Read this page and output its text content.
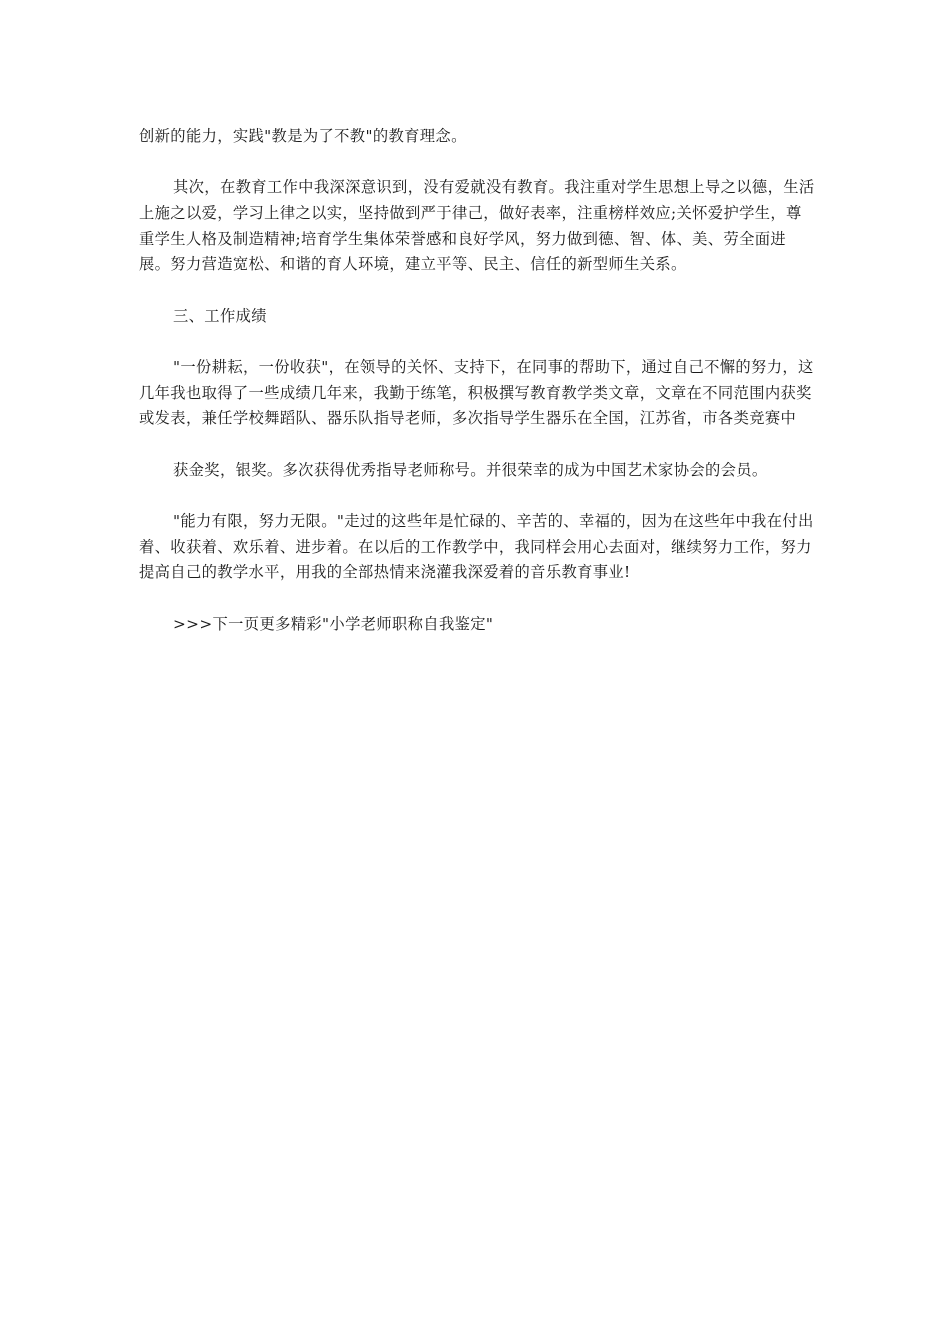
创新的能力，实践"教是为了不教"的教育理念。

其次，在教育工作中我深深意识到，没有爱就没有教育。我注重对学生思想上导之以德，生活上施之以爱，学习上律之以实，坚持做到严于律己，做好表率，注重榜样效应;关怀爱护学生，尊重学生人格及制造精神;培育学生集体荣誉感和良好学风，努力做到德、智、体、美、劳全面进展。努力营造宽松、和谐的育人环境，建立平等、民主、信任的新型师生关系。

三、工作成绩

"一份耕耘，一份收获"，在领导的关怀、支持下，在同事的帮助下，通过自己不懈的努力，这几年我也取得了一些成绩几年来，我勤于练笔，积极撰写教育教学类文章，文章在不同范围内获奖或发表，兼任学校舞蹈队、器乐队指导老师，多次指导学生器乐在全国，江苏省，市各类竞赛中

获金奖，银奖。多次获得优秀指导老师称号。并很荣幸的成为中国艺术家协会的会员。

"能力有限，努力无限。"走过的这些年是忙碌的、辛苦的、幸福的，因为在这些年中我在付出着、收获着、欢乐着、进步着。在以后的工作教学中，我同样会用心去面对，继续努力工作，努力提高自己的教学水平，用我的全部热情来浇灌我深爱着的音乐教育事业!

>>>下一页更多精彩"小学老师职称自我鉴定"
